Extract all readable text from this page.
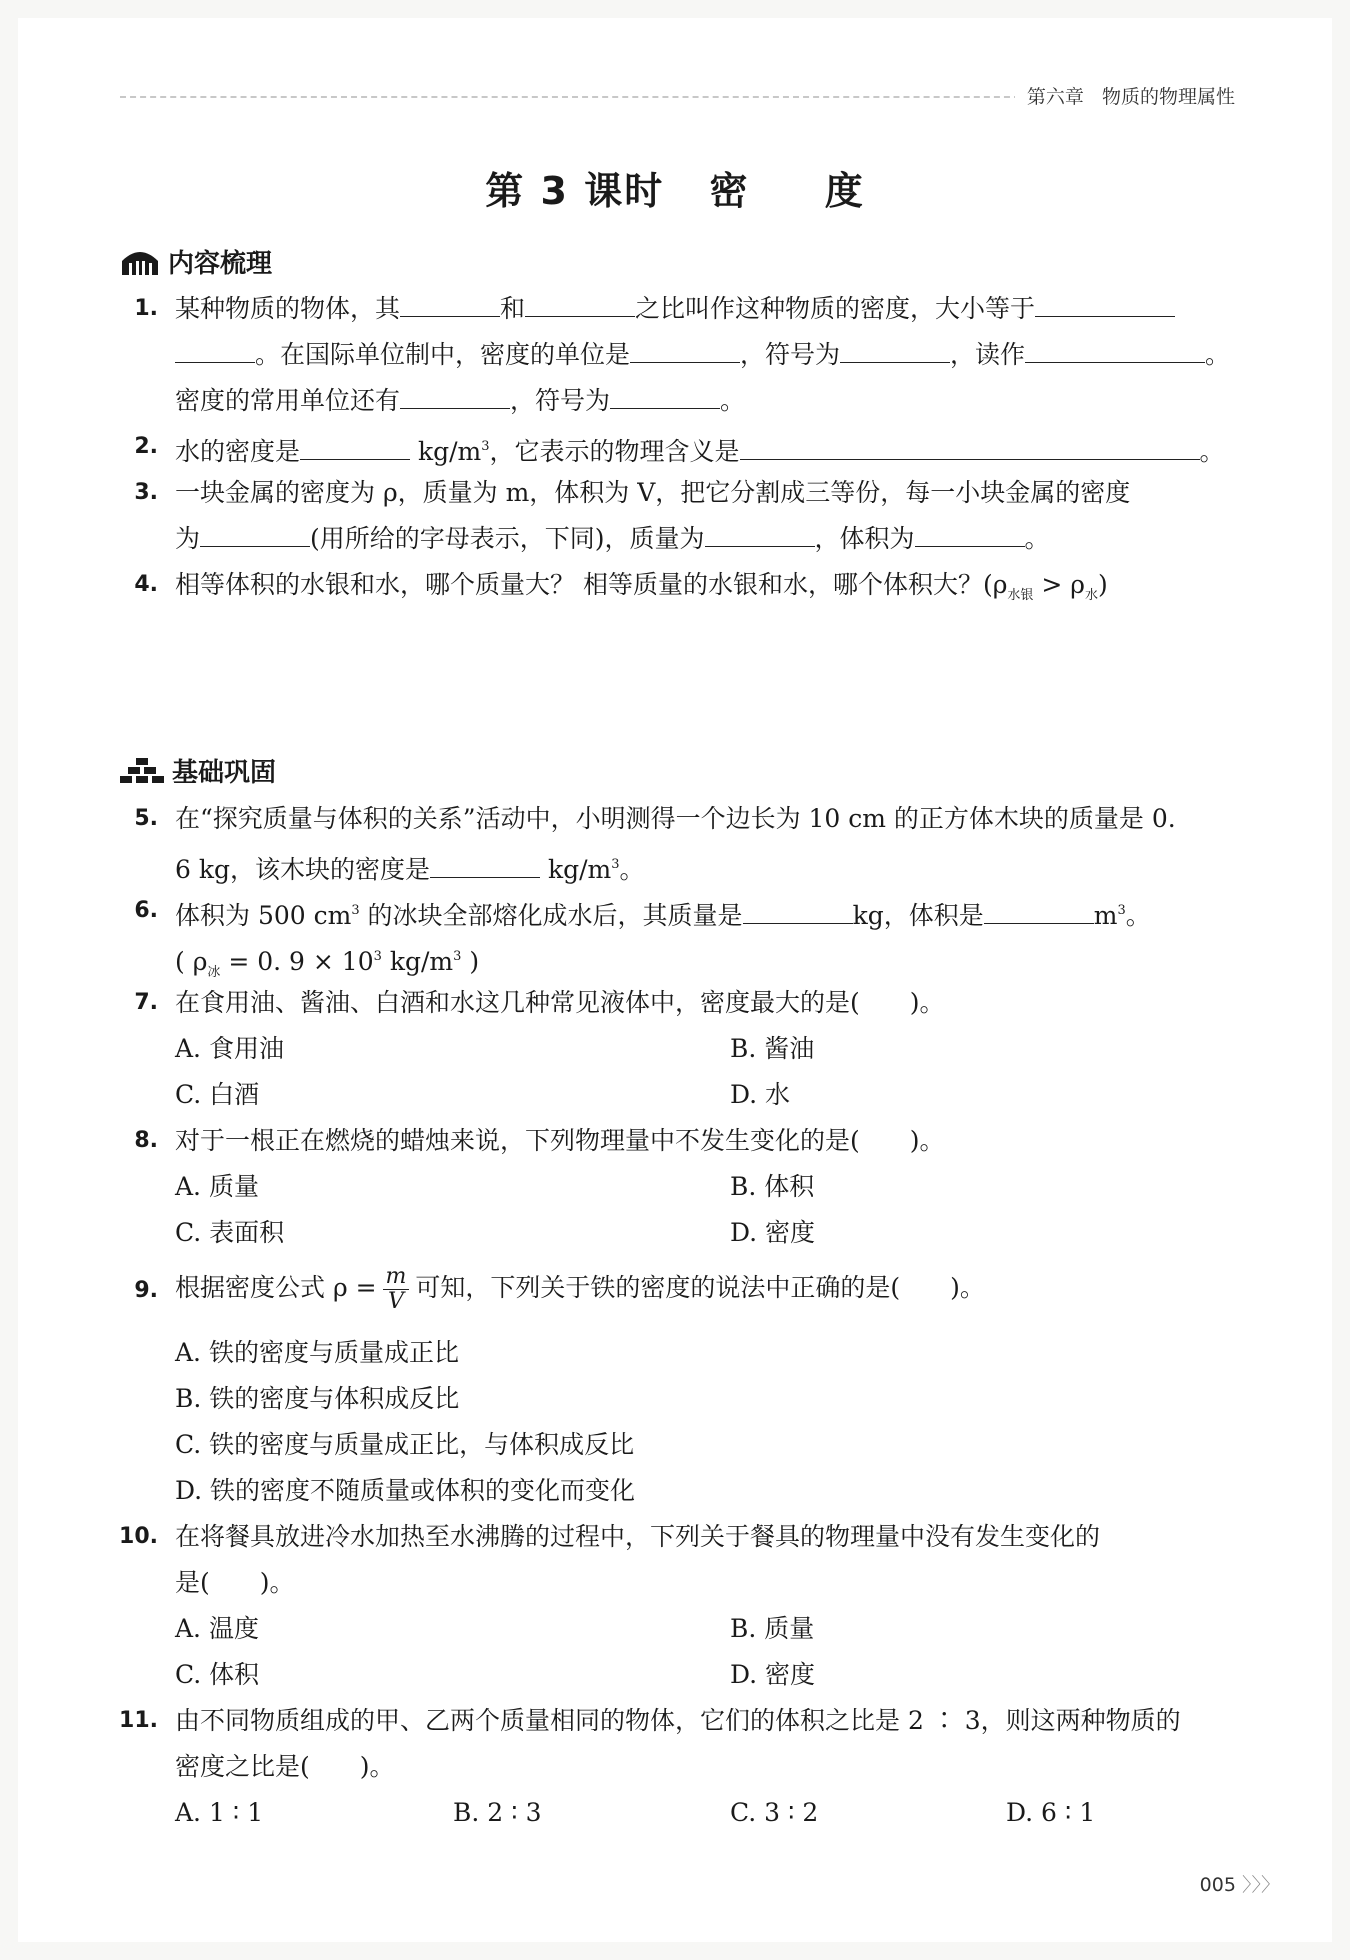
第六章 物质的物理属性
第 3 课时 密 度
内容梳理
1. 某种物质的物体，其	和	之比叫作这种物质的密度，大小等于
。在国际单位制中，密度的单位是	，符号为	，读作	。
密度的常用单位还有	，符号为	。
2. 水的密度是	$kg/m^3$，它表示的物理含义是	。
3. 一块金属的密度为 ρ，质量为 m，体积为 V，把它分割成三等份，每一小块金属的密度
为	(用所给的字母表示，下同)，质量为	，体积为	。
4. 相等体积的水银和水，哪个质量大？ 相等质量的水银和水，哪个体积大？$(\rho_{水银} > \rho_水)$
基础巩固
5. 在“探究质量与体积的关系”活动中，小明测得一个边长为 10 cm 的正方体木块的质量是 0.
6 kg，该木块的密度是	$kg/m^3$。
6. 体积为 500 $cm^3$ 的冰块全部熔化成水后，其质量是	kg，体积是	$m^3$。
( $\rho_冰 = 0$. $9 \times 10^3$ $kg/m^3$ )
7. 在食用油、酱油、白酒和水这几种常见液体中，密度最大的是(　　)。
A. 食用油	B. 酱油
C. 白酒	D. 水
8. 对于一根正在燃烧的蜡烛来说，下列物理量中不发生变化的是(　　)。
A. 质量	B. 体积
C. 表面积	D. 密度
9. 根据密度公式 $\rho = \frac{m}{V}$ 可知，下列关于铁的密度的说法中正确的是(　　)。
A. 铁的密度与质量成正比
B. 铁的密度与体积成反比
C. 铁的密度与质量成正比，与体积成反比
D. 铁的密度不随质量或体积的变化而变化
10. 在将餐具放进冷水加热至水沸腾的过程中，下列关于餐具的物理量中没有发生变化的
是(　　)。
A. 温度	B. 质量
C. 体积	D. 密度
11. 由不同物质组成的甲、乙两个质量相同的物体，它们的体积之比是 2 ∶ 3，则这两种物质的
密度之比是(　　)。
A. 1 ∶ 1	B. 2 ∶ 3	C. 3 ∶ 2	D. 6 ∶ 1
005 〉〉〉
